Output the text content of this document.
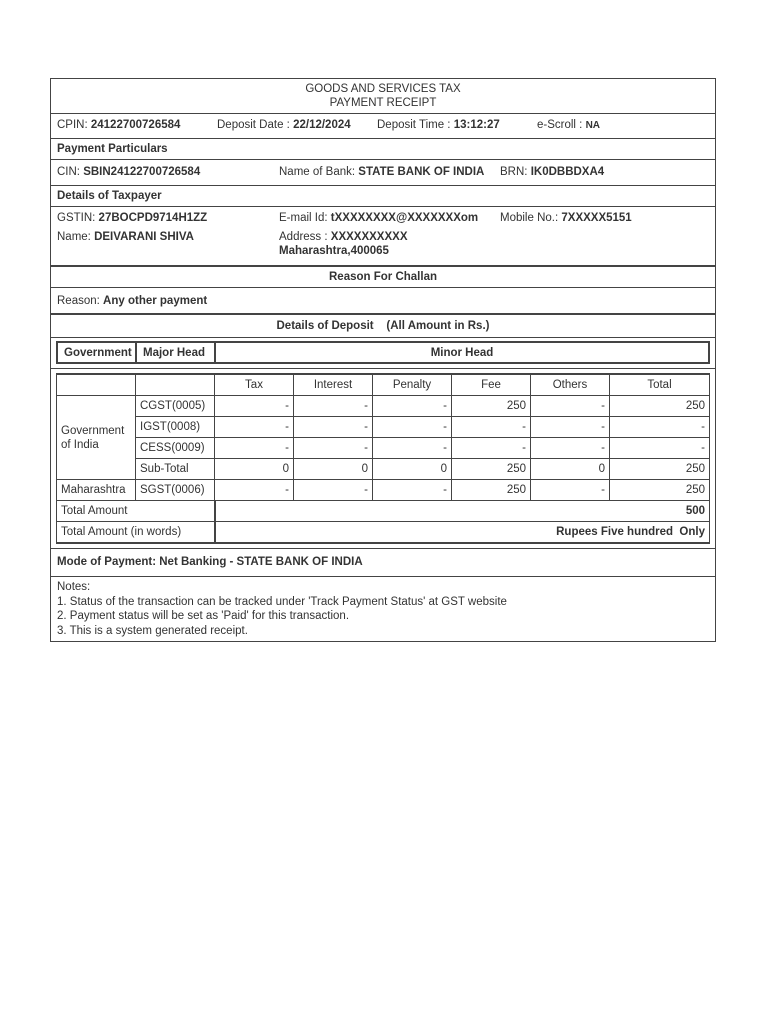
GOODS AND SERVICES TAX
PAYMENT RECEIPT
CPIN: 24122700726584	Deposit Date : 22/12/2024 Deposit Time : 13:12:27	e-Scroll : NA
Payment Particulars
CIN: SBIN24122700726584	Name of Bank: STATE BANK OF INDIA BRN: IK0DBBDXA4
Details of Taxpayer
GSTIN: 27BOCPD9714H1ZZ
Name: DEIVARANI SHIVA
E-mail Id: tXXXXXXXX@XXXXXXXom
Address : XXXXXXXXXX
Maharashtra,400065
Mobile No.: 7XXXXX5151
Reason For Challan
Reason: Any other payment
Details of Deposit    (All Amount in Rs.)
Government	Major Head	Minor Head
		Tax	Interest	Penalty	Fee	Others	Total
Government of India	CGST(0005)	-	-	-	250	-	250
	IGST(0008)	-	-	-	-	-	-
	CESS(0009)	-	-	-	-	-	-
	Sub-Total	0	0	0	250	0	250
Maharashtra	SGST(0006)	-	-	-	250	-	250
Total Amount		500					
Total Amount (in words)		Rupees Five hundred  Only					
Mode of Payment: Net Banking - STATE BANK OF INDIA
Notes:
1. Status of the transaction can be tracked under 'Track Payment Status' at GST website
2. Payment status will be set as 'Paid' for this transaction.
3. This is a system generated receipt.
